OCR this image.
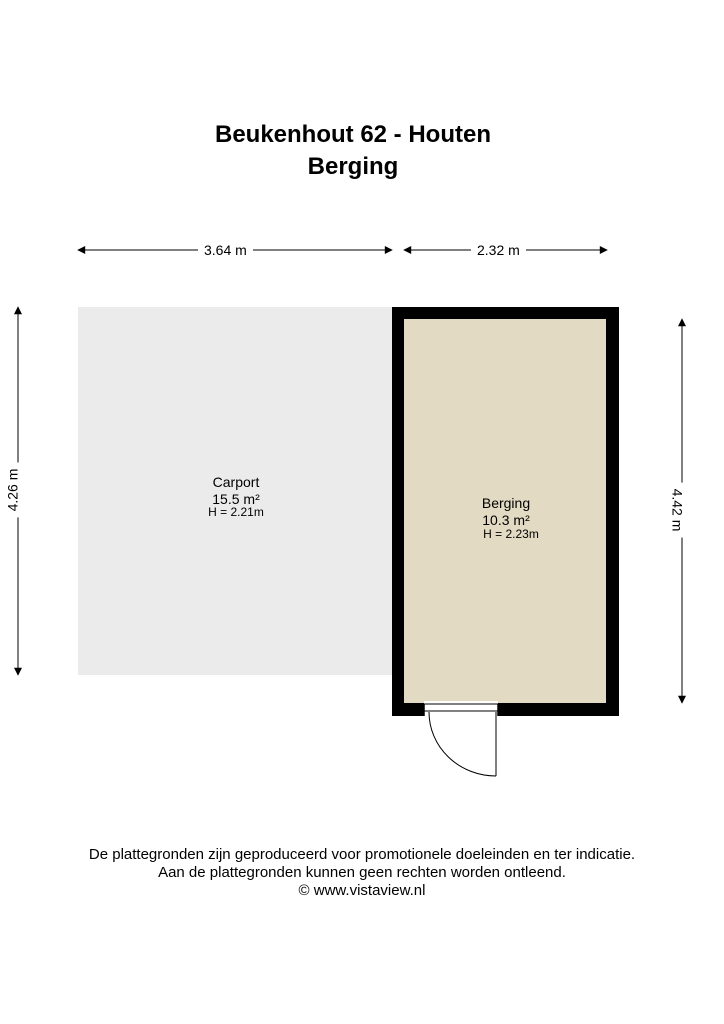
Beukenhout 62 - Houten
Berging
3.64 m	2.32 m
4.26 m	4.42 m
Carport
15.5 m²
H = 2.21m
Berging
10.3 m²
H = 2.23m
De plattegronden zijn geproduceerd voor promotionele doeleinden en ter indicatie.
Aan de plattegronden kunnen geen rechten worden ontleend.
© www.vistaview.nl
